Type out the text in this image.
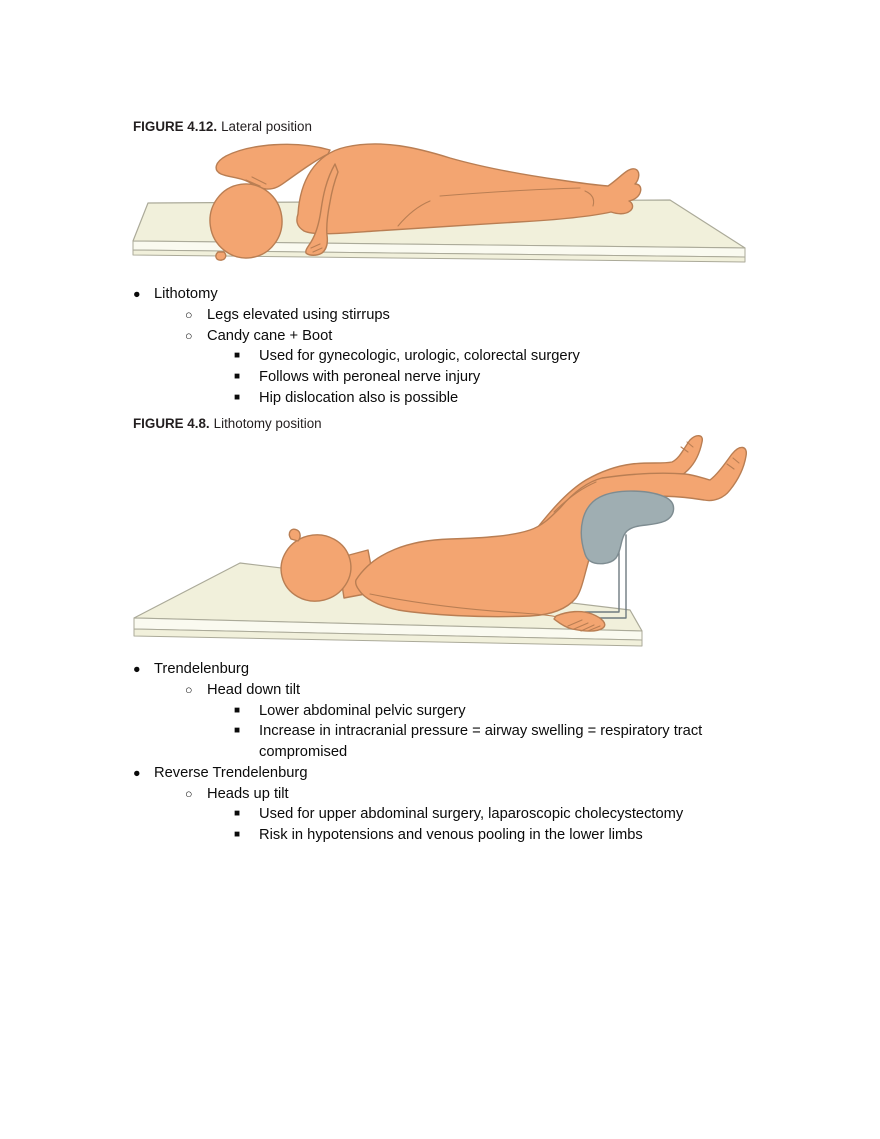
FIGURE 4.12. Lateral position
● Lithotomy
○ Legs elevated using stirrups
○ Candy cane + Boot
■ Used for gynecologic, urologic, colorectal surgery
■ Follows with peroneal nerve injury
■ Hip dislocation also is possible
FIGURE 4.8. Lithotomy position
● Trendelenburg
○ Head down tilt
■ Lower abdominal pelvic surgery
■ Increase in intracranial pressure = airway swelling = respiratory tract compromised
● Reverse Trendelenburg
○ Heads up tilt
■ Used for upper abdominal surgery, laparoscopic cholecystectomy
■ Risk in hypotensions and venous pooling in the lower limbs
